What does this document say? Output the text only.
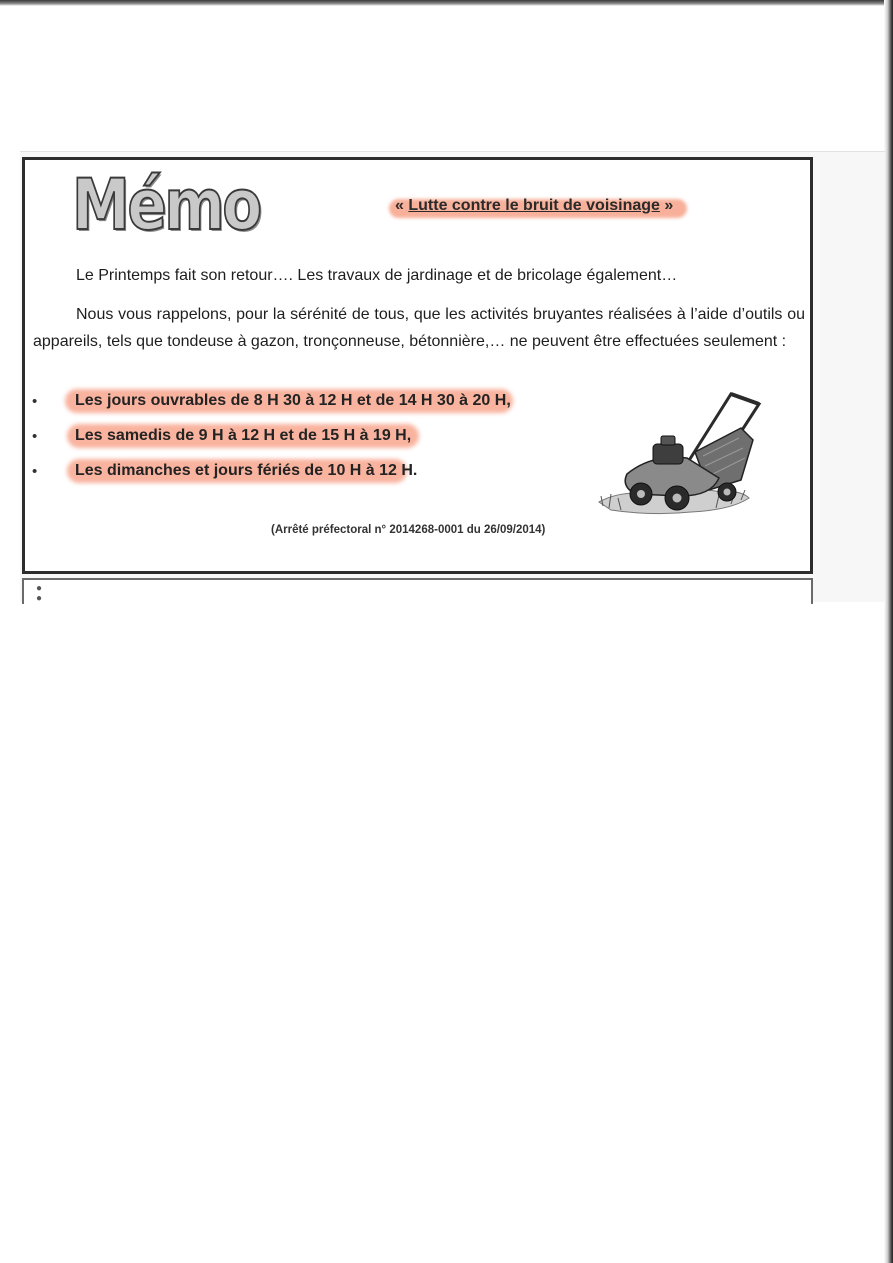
Mémo	« Lutte contre le bruit de voisinage »
Le Printemps fait son retour…. Les travaux de jardinage et de bricolage également…
Nous vous rappelons, pour la sérénité de tous, que les activités bruyantes réalisées à l’aide d’outils ou appareils, tels que tondeuse à gazon, tronçonneuse, bétonnière,… ne peuvent être effectuées seulement :
• Les jours ouvrables de 8 H 30 à 12 H et de 14 H 30 à 20 H,
• Les samedis de 9 H à 12 H et de 15 H à 19 H,
• Les dimanches et jours fériés de 10 H à 12 H.
(Arrêté préfectoral n° 2014268-0001 du 26/09/2014)
●
●
